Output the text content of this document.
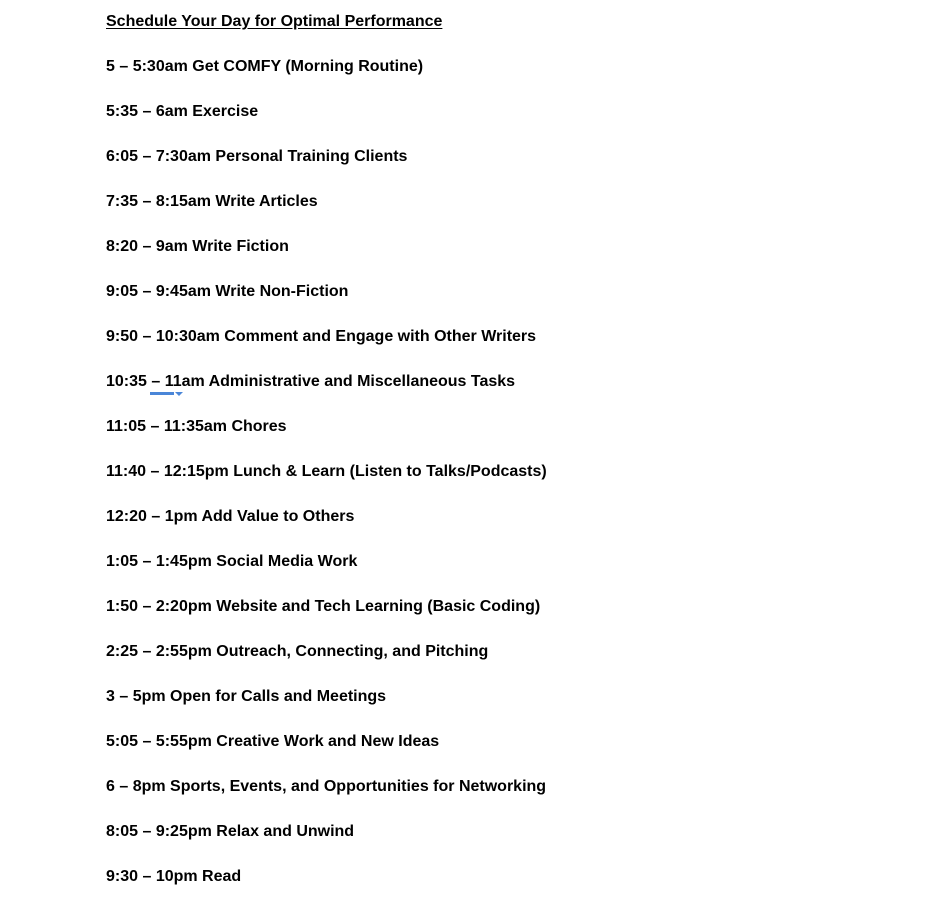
Schedule Your Day for Optimal Performance
5 – 5:30am Get COMFY (Morning Routine)
5:35 – 6am Exercise
6:05 – 7:30am Personal Training Clients
7:35 – 8:15am Write Articles
8:20 – 9am Write Fiction
9:05 – 9:45am Write Non-Fiction
9:50 – 10:30am Comment and Engage with Other Writers
10:35 – 11am Administrative and Miscellaneous Tasks
11:05 – 11:35am Chores
11:40 – 12:15pm Lunch & Learn (Listen to Talks/Podcasts)
12:20 – 1pm Add Value to Others
1:05 – 1:45pm Social Media Work
1:50 – 2:20pm Website and Tech Learning (Basic Coding)
2:25 – 2:55pm Outreach, Connecting, and Pitching
3 – 5pm Open for Calls and Meetings
5:05 – 5:55pm Creative Work and New Ideas
6 – 8pm Sports, Events, and Opportunities for Networking
8:05 – 9:25pm Relax and Unwind
9:30 – 10pm Read
